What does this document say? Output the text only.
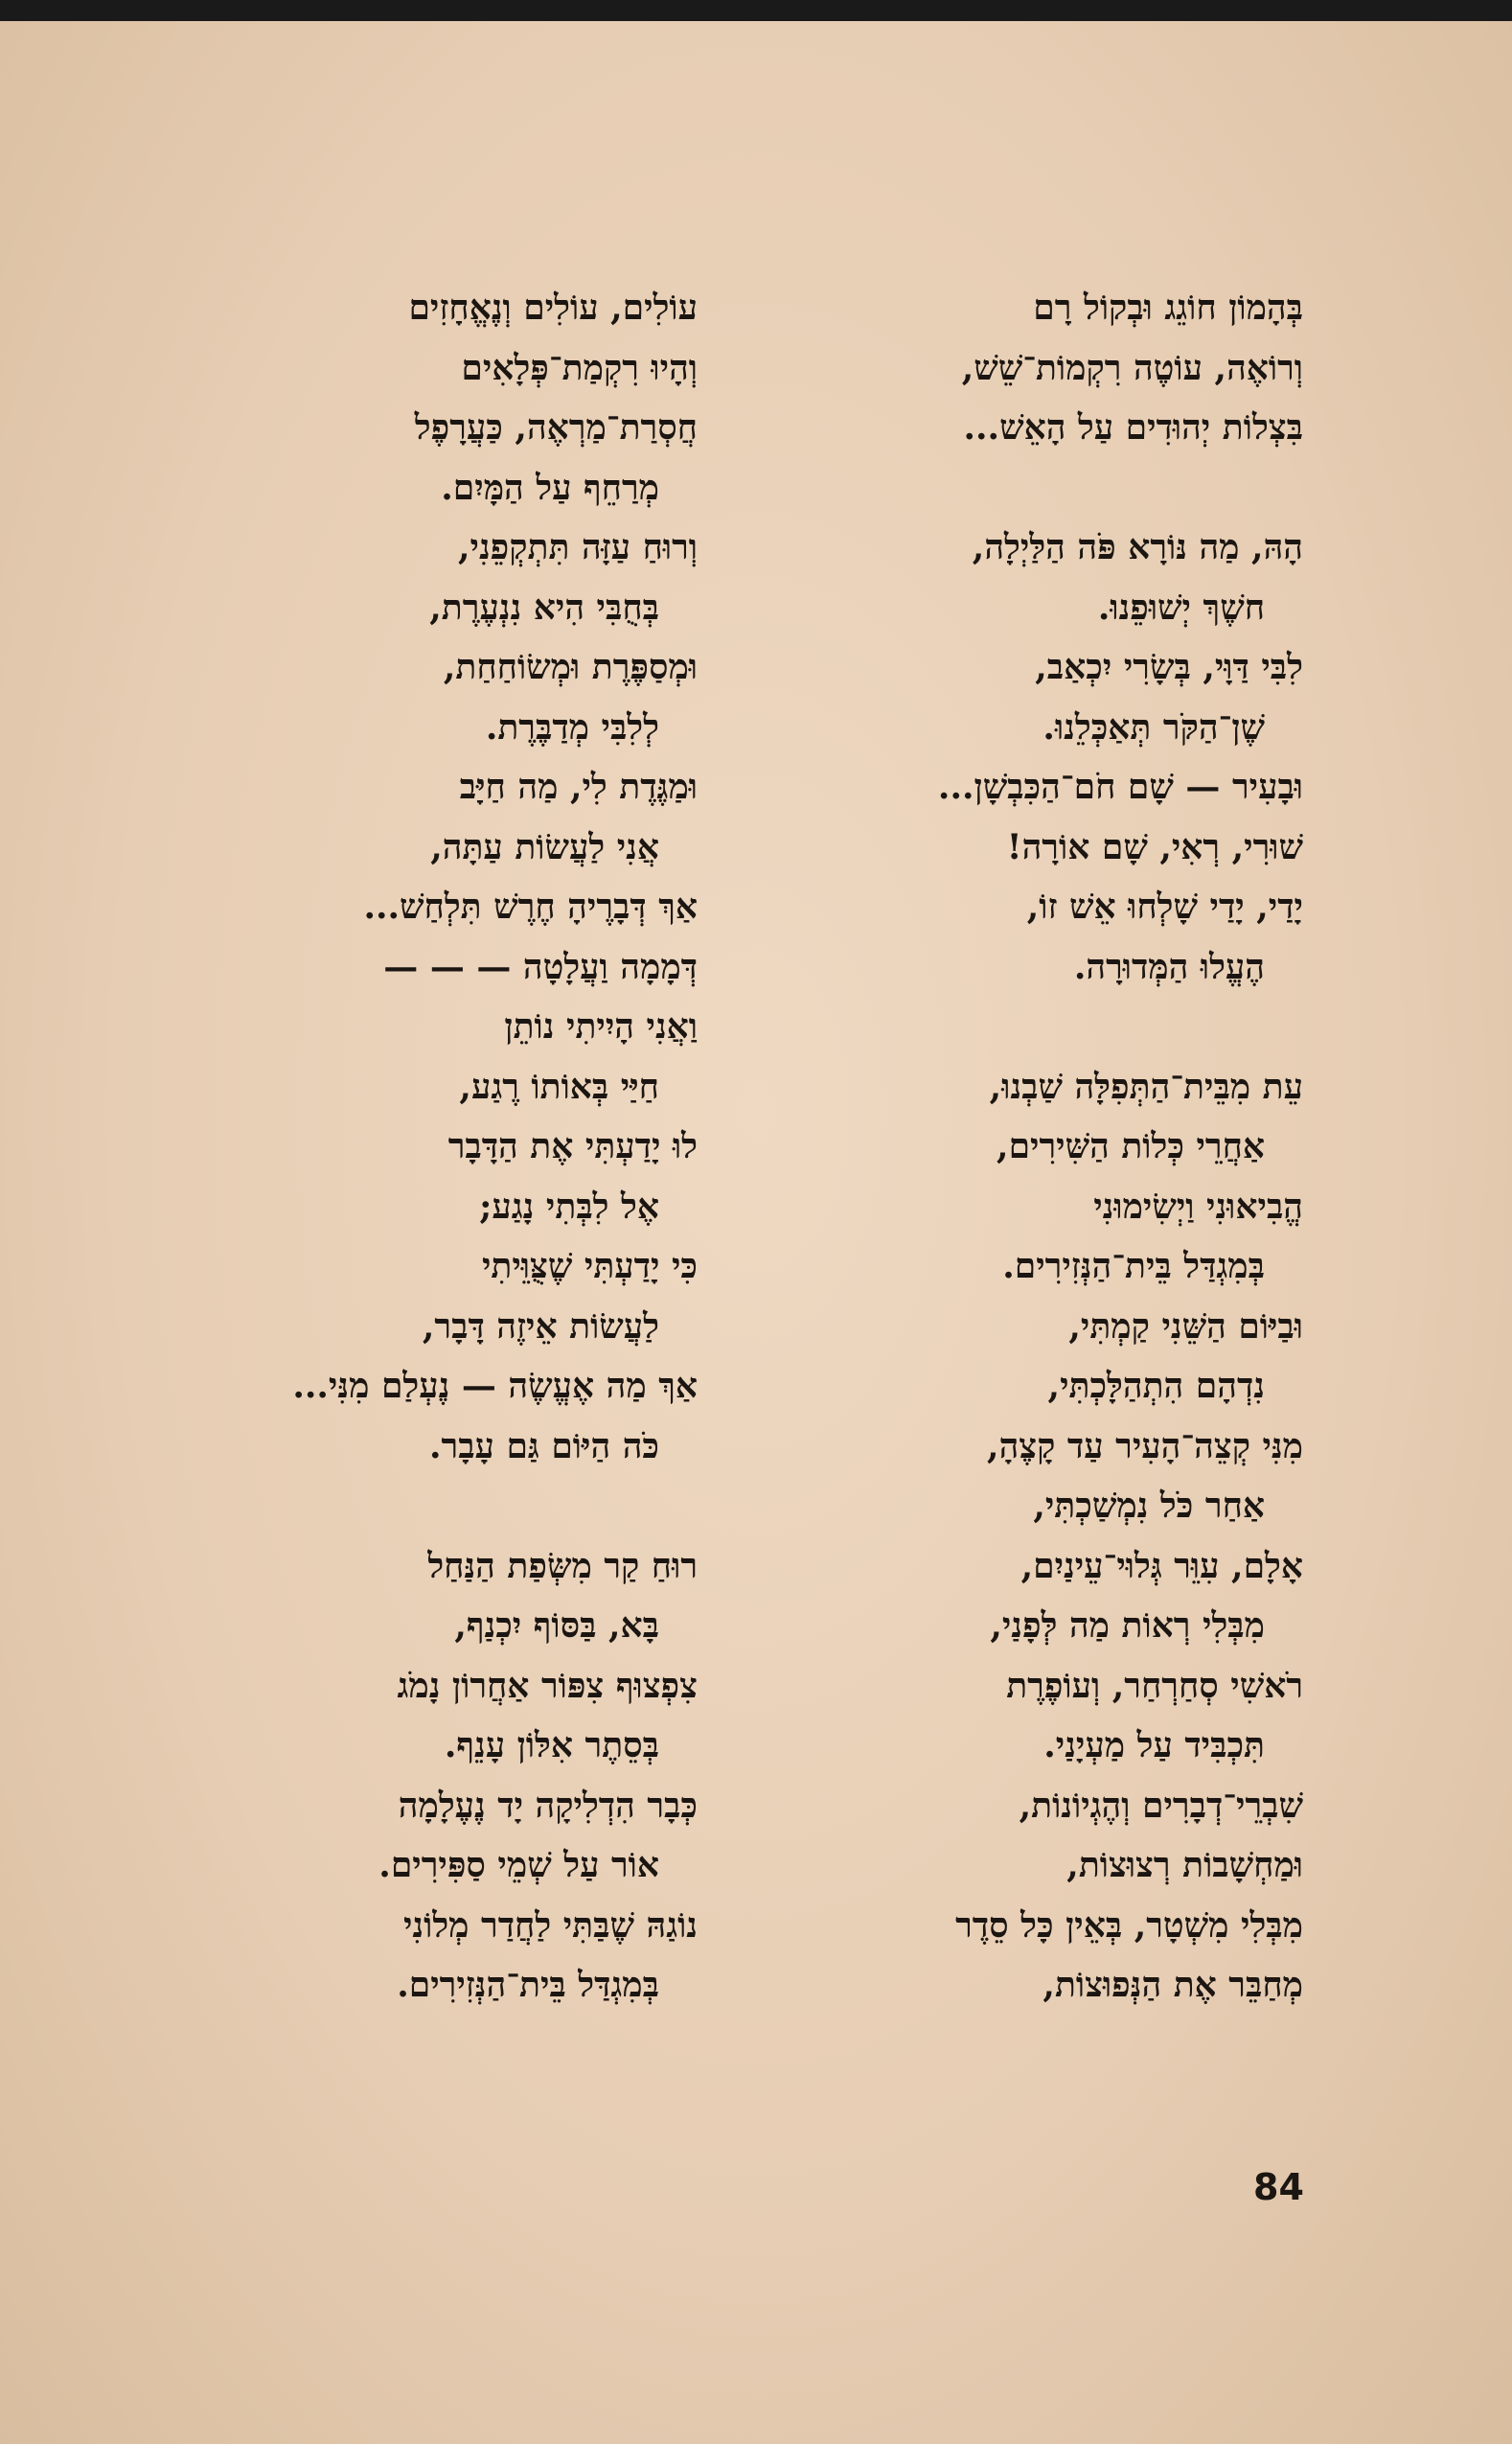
בְּהָמוֹן חוֹגֵג וּבְקוֹל רָם
וְרוֹאֶה, עוֹטֶה רִקְמוֹת־שֵׁשׁ,
בִּצְלוֹת יְהוּדִים עַל הָאֵשׁ...
הָהּ, מַה נּוֹרָא פֹּה הַלַּיְלָה,
חשֶׁךְ יְשׁוּפֵנוּ.
לִבִּי דַּוָּי, בְּשָׂרִי יִכְאַב,
שֶׁן־הַקֹּר תְּאַכְּלֵנוּ.
וּבָעִיר — שָׁם חֹם־הַכִּבְשָׁן...
שׁוּרִי, רְאִי, שָׁם אוֹרָה!
יָדַי, יָדַי שָׁלְחוּ אֵשׁ זוֹ,
הֶעֱלוּ הַמְּדוּרָה.
עֵת מִבֵּית־הַתְּפִלָּה שַׁבְנוּ,
אַחֲרֵי כְּלוֹת הַשִּׁירִים,
הֱבִיאוּנִי וַיְשִׂימוּנִי
בְּמִגְדַּל בֵּית־הַנְּזִירִים.
וּבַיּוֹם הַשֵּׁנִי קַמְתִּי,
נִדְהָם הִתְהַלָּכְתִּי,
מִנִּי קְצֵה־הָעִיר עַד קָצֶהָ,
אַחַר כֹּל נִמְשַׁכְתִּי,
אָלָם, עִוֵּר גְּלוּי־עֵינַיִם,
מִבְּלִי רְאוֹת מַה לְּפָנַי,
רֹאשִׁי סְחַרְחַר, וְעוֹפֶרֶת
תִּכְבִּיד עַל מַעְיָנַי.
שִׁבְרֵי־דְבָרִים וְהֶגְיוֹנוֹת,
וּמַחְשָׁבוֹת רְצוּצוֹת,
מִבְּלִי מִשְׁטָר, בְּאֵין כָּל סֵדֶר
מְחַבֵּר אֶת הַנְּפוּצוֹת,
עוֹלִים, עוֹלִים וְנֶאֱחָזִים
וְהָיוּ רִקְמַת־פְּלָאִים
חֲסְרַת־מַרְאֶה, כַּעֲרָפֶל
מְרַחֵף עַל הַמָּיִם.
וְרוּחַ עַזָּה תִּתְקְפֵנִי,
בְּחֻבִּי הִיא נִנְעֶרֶת,
וּמְסַפֶּרֶת וּמְשׂוֹחַחַת,
לְלִבִּי מְדַבֶּרֶת.
וּמַגֶּדֶת לִי, מַה חַיָּב
אֲנִי לַעֲשׂוֹת עַתָּה,
אַךְ דְּבָרֶיהָ חֶרֶשׁ תִּלְחַשׁ...
דְּמָמָה וַעֲלָטָה — — —
וַאֲנִי הָיִיתִי נוֹתֵן
חַיַּי בְּאוֹתוֹ רֶגַע,
לוּ יָדַעְתִּי אֶת הַדָּבָר
אֶל לִבְּתִי נָגַע;
כִּי יָדַעְתִּי שֶׁצֻּוֵּיתִי
לַעֲשׂוֹת אֵיזֶה דָּבָר,
אַךְ מַה אֶעֱשֶׂה — נֶעְלַם מִנִּי...
כֹּה הַיּוֹם גַּם עָבָר.
רוּחַ קַר מִשְּׂפַת הַנַּחַל
בָּא, בַּסּוֹף יִכְנַף,
צִפְצוּף צִפּוֹר אַחֲרוֹן נָמֹג
בְּסֵתֶר אִלּוֹן עָנֵף.
כְּבָר הִדְלִיקָה יָד נֶעֶלָמָה
אוֹר עַל שְׁמֵי סַפִּירִים.
נוֹגַהּ שֶׁבַּתִּי לַחֲדַר מְלוֹנִי
בְּמִגְדַּל בֵּית־הַנְּזִירִים.
84
